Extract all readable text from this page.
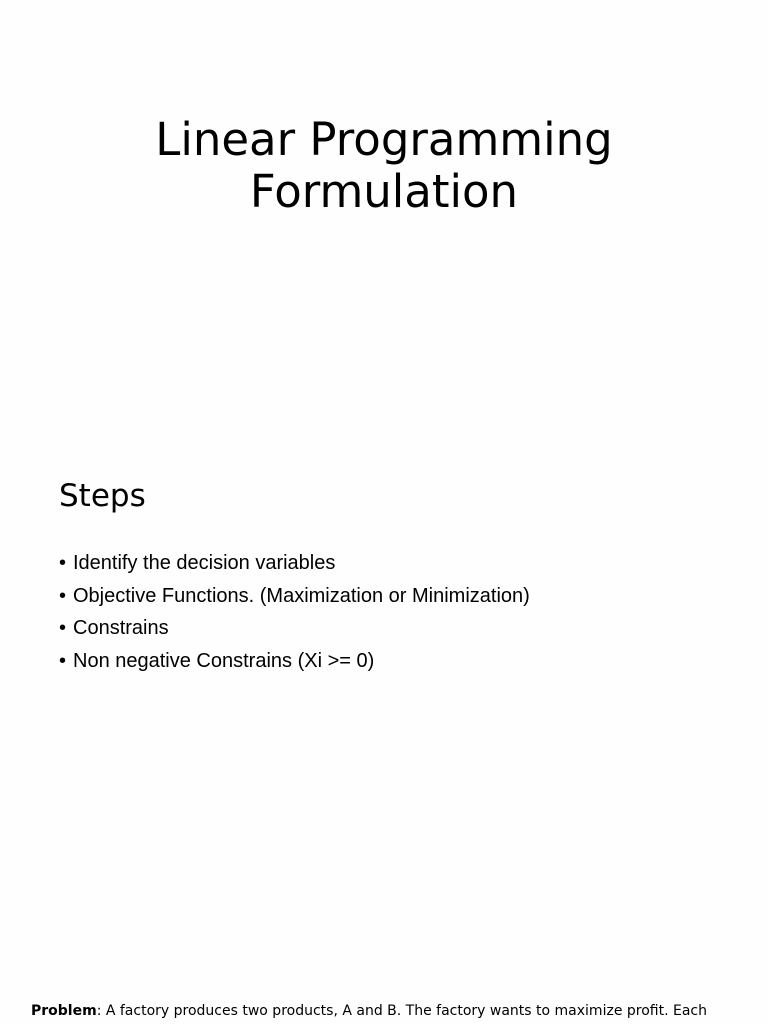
Linear Programming
Formulation
Steps
• Identify the decision variables
• Objective Functions. (Maximization or Minimization)
• Constrains
• Non negative Constrains (Xi >= 0)

Problem: A factory produces two products, A and B. The factory wants to maximize profit. Each
